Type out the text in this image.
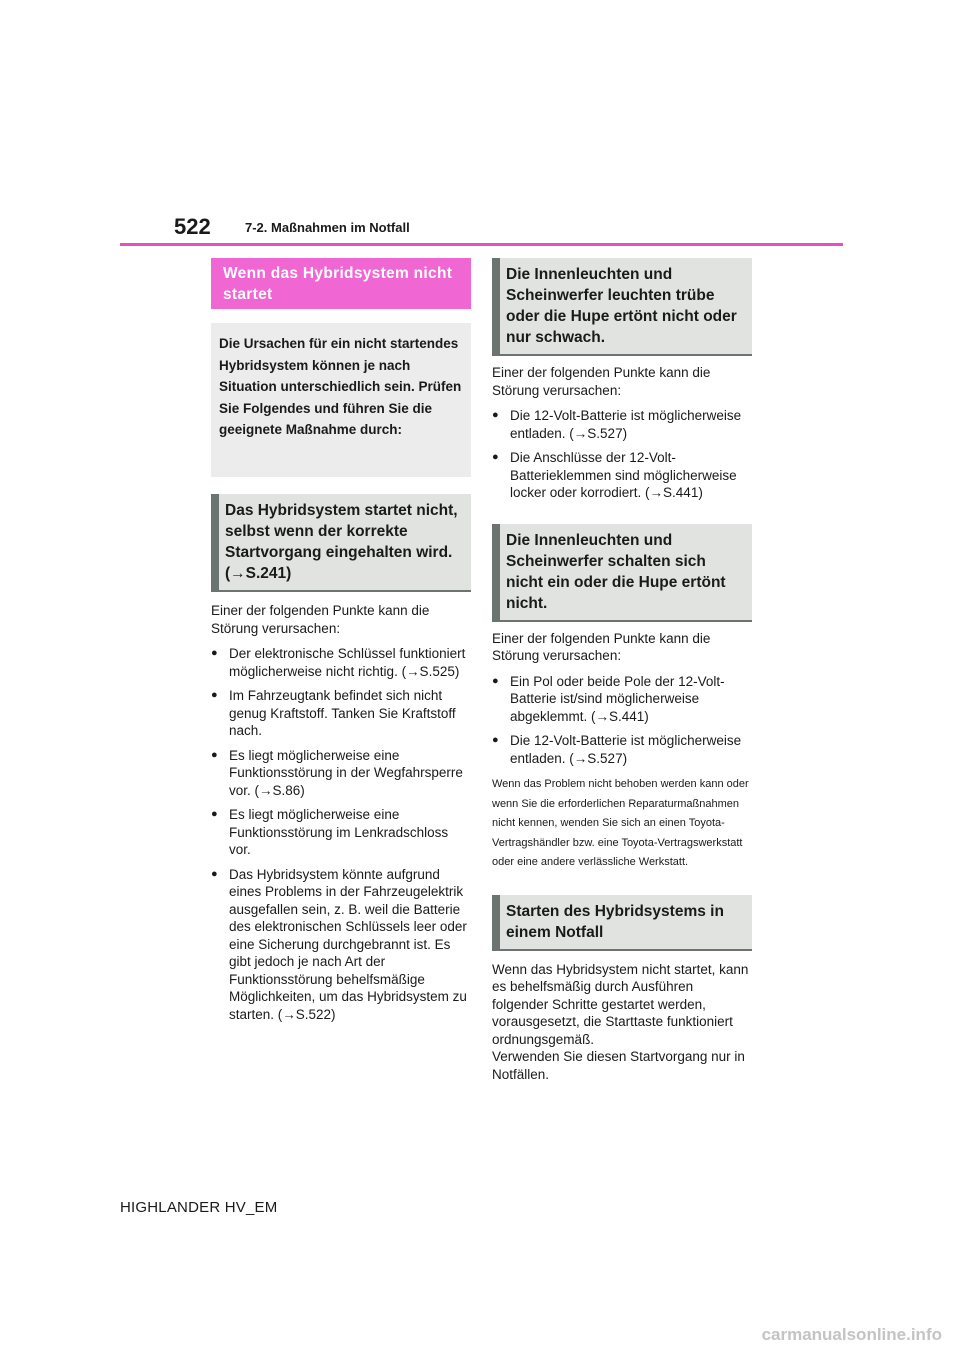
522	7-2. Maßnahmen im Notfall
Wenn das Hybridsystem nicht startet
Die Ursachen für ein nicht startendes Hybridsystem können je nach Situation unterschiedlich sein. Prüfen Sie Folgendes und führen Sie die geeignete Maßnahme durch:
Das Hybridsystem startet nicht, selbst wenn der korrekte Startvorgang eingehalten wird. (→S.241)
Einer der folgenden Punkte kann die Störung verursachen:
● Der elektronische Schlüssel funktioniert möglicherweise nicht richtig. (→S.525)
● Im Fahrzeugtank befindet sich nicht genug Kraftstoff. Tanken Sie Kraftstoff nach.
● Es liegt möglicherweise eine Funktionsstörung in der Wegfahrsperre vor. (→S.86)
● Es liegt möglicherweise eine Funktionsstörung im Lenkradschloss vor.
● Das Hybridsystem könnte aufgrund eines Problems in der Fahrzeugelektrik ausgefallen sein, z. B. weil die Batterie des elektronischen Schlüssels leer oder eine Sicherung durchgebrannt ist. Es gibt jedoch je nach Art der Funktionsstörung behelfsmäßige Möglichkeiten, um das Hybridsystem zu starten. (→S.522)
Die Innenleuchten und Scheinwerfer leuchten trübe oder die Hupe ertönt nicht oder nur schwach.
Einer der folgenden Punkte kann die Störung verursachen:
● Die 12-Volt-Batterie ist möglicherweise entladen. (→S.527)
● Die Anschlüsse der 12-Volt-Batterieklemmen sind möglicherweise locker oder korrodiert. (→S.441)
Die Innenleuchten und Scheinwerfer schalten sich nicht ein oder die Hupe ertönt nicht.
Einer der folgenden Punkte kann die Störung verursachen:
● Ein Pol oder beide Pole der 12-Volt-Batterie ist/sind möglicherweise abgeklemmt. (→S.441)
● Die 12-Volt-Batterie ist möglicherweise entladen. (→S.527)
Wenn das Problem nicht behoben werden kann oder wenn Sie die erforderlichen Reparaturmaßnahmen nicht kennen, wenden Sie sich an einen Toyota-Vertragshändler bzw. eine Toyota-Vertragswerkstatt oder eine andere verlässliche Werkstatt.
Starten des Hybridsystems in einem Notfall
Wenn das Hybridsystem nicht startet, kann es behelfsmäßig durch Ausführen folgender Schritte gestartet werden, vorausgesetzt, die Starttaste funktioniert ordnungsgemäß.
Verwenden Sie diesen Startvorgang nur in Notfällen.
HIGHLANDER HV_EM
carmanualsonline.info
